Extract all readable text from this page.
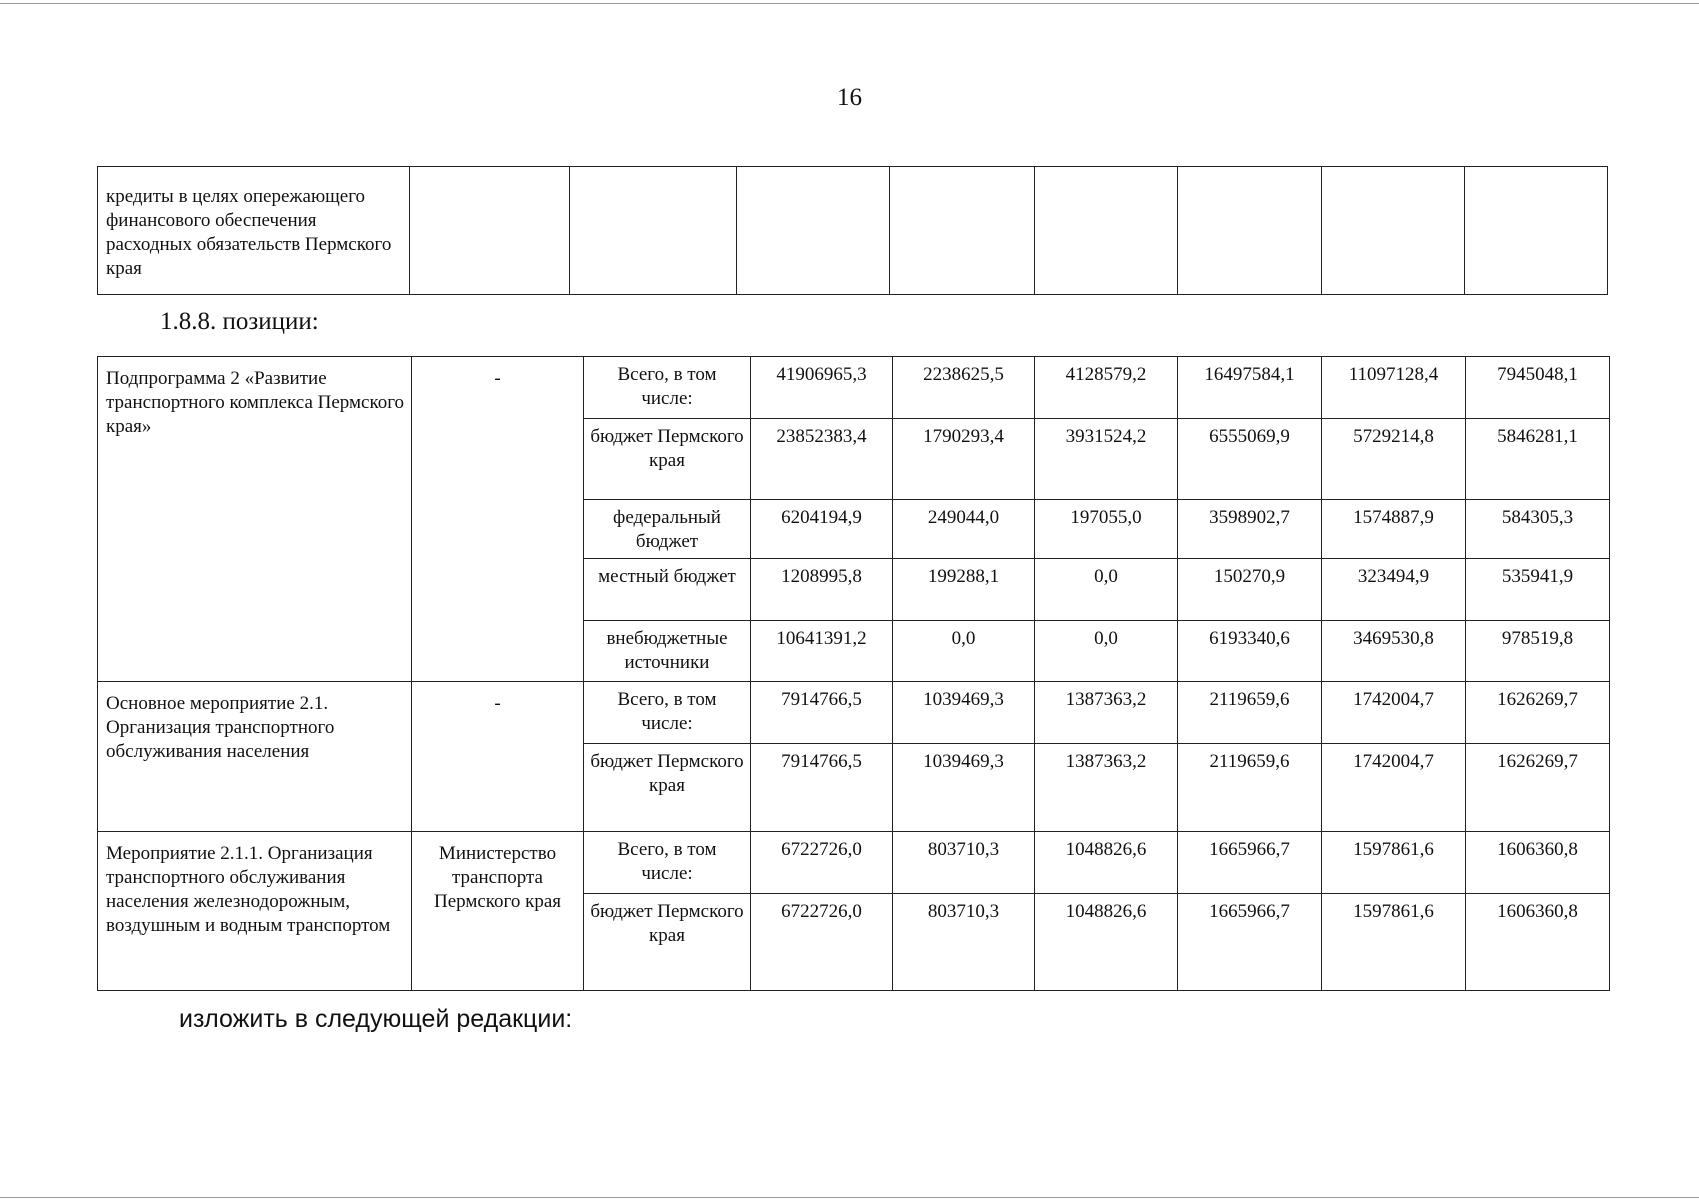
16
кредиты в целях опережающего финансового обеспечения расходных обязательств Пермского края								
1.8.8. позиции:
Подпрограмма 2 «Развитие транспортного комплекса Пермского края»	-	Всего, в том числе:	41906965,3	2238625,5	4128579,2	16497584,1	11097128,4	7945048,1
		бюджет Пермского края	23852383,4	1790293,4	3931524,2	6555069,9	5729214,8	5846281,1
		федеральный бюджет	6204194,9	249044,0	197055,0	3598902,7	1574887,9	584305,3
		местный бюджет	1208995,8	199288,1	0,0	150270,9	323494,9	535941,9
		внебюджетные источники	10641391,2	0,0	0,0	6193340,6	3469530,8	978519,8
Основное мероприятие 2.1. Организация транспортного обслуживания населения	-	Всего, в том числе:	7914766,5	1039469,3	1387363,2	2119659,6	1742004,7	1626269,7
		бюджет Пермского края	7914766,5	1039469,3	1387363,2	2119659,6	1742004,7	1626269,7
Мероприятие 2.1.1. Организация транспортного обслуживания населения железнодорожным, воздушным и водным транспортом	Министерство транспорта Пермского края	Всего, в том числе:	6722726,0	803710,3	1048826,6	1665966,7	1597861,6	1606360,8
		бюджет Пермского края	6722726,0	803710,3	1048826,6	1665966,7	1597861,6	1606360,8
изложить в следующей редакции:
